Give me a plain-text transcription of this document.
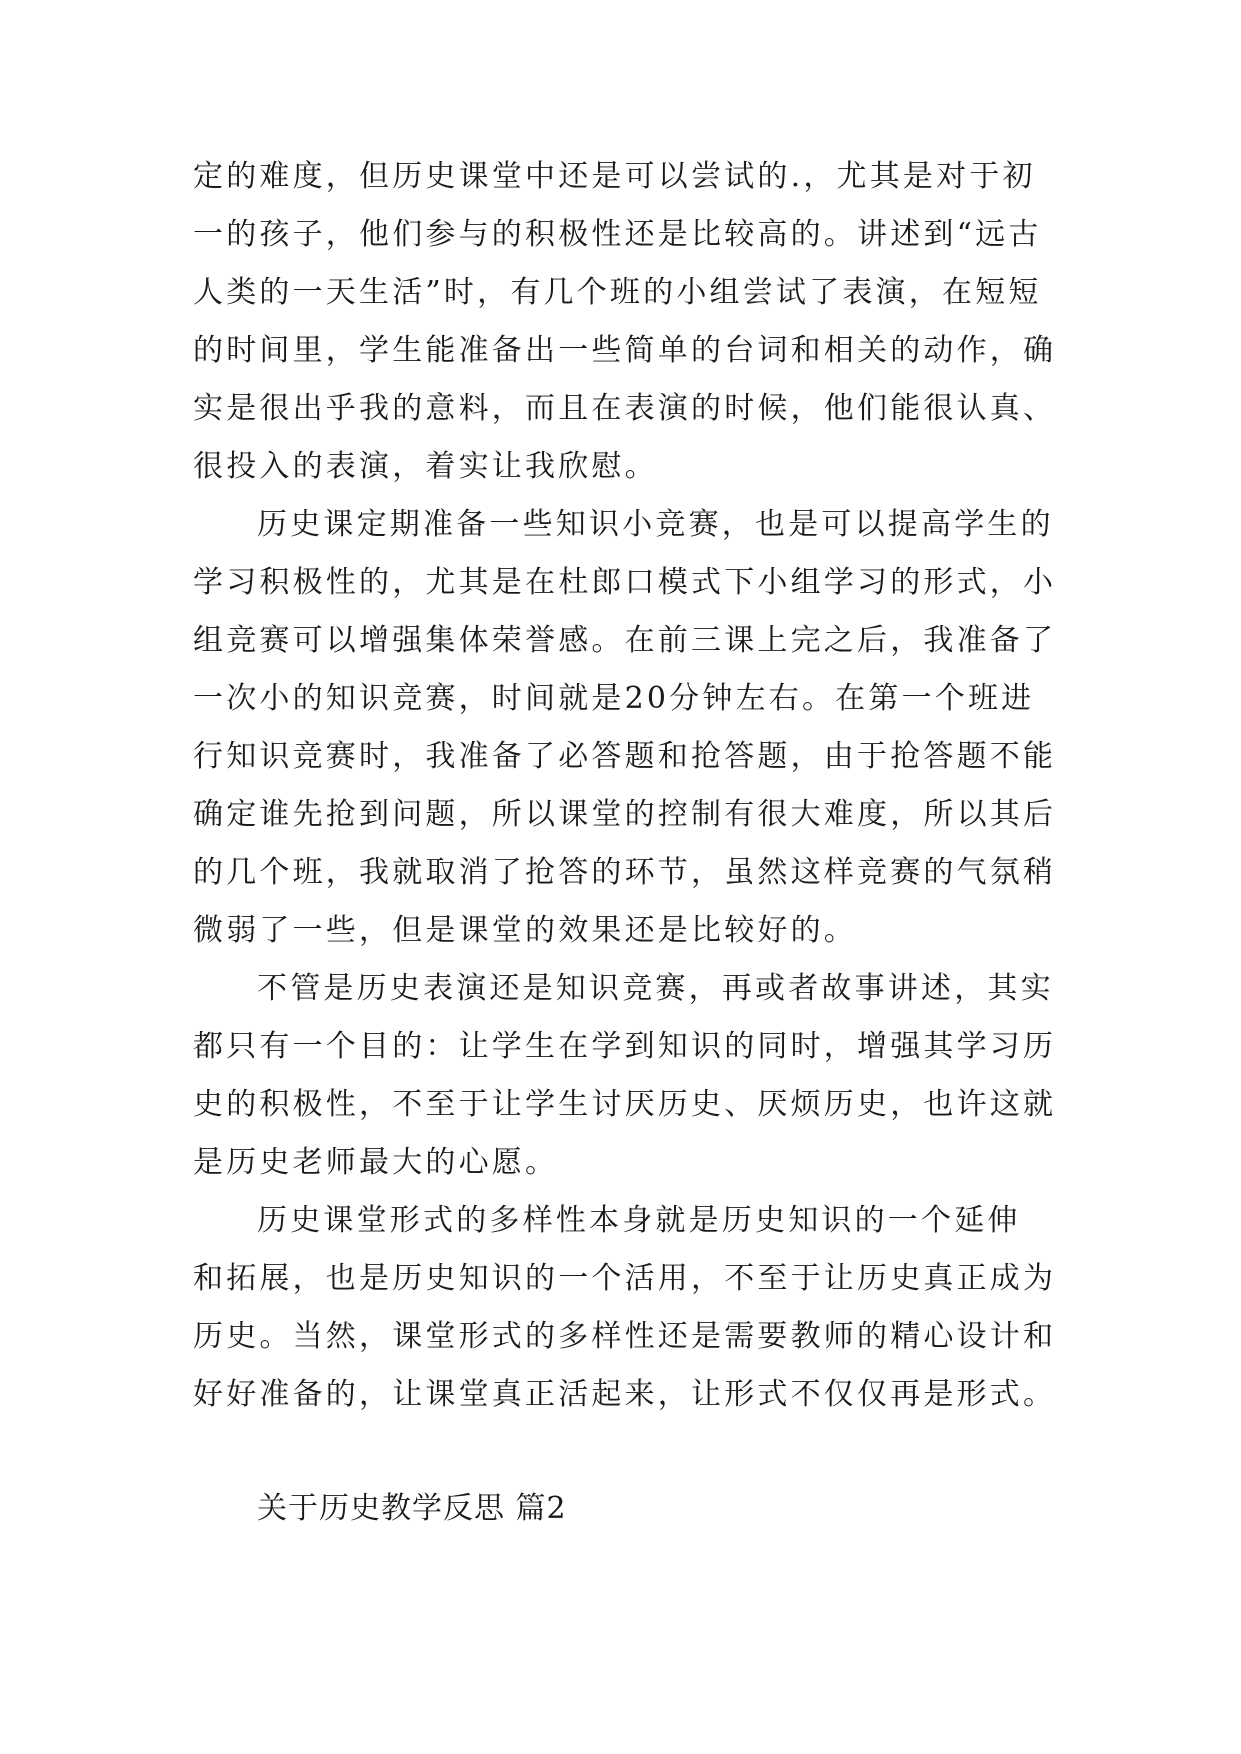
定的难度，但历史课堂中还是可以尝试的.，尤其是对于初
一的孩子，他们参与的积极性还是比较高的。讲述到“远古
人类的一天生活”时，有几个班的小组尝试了表演，在短短
的时间里，学生能准备出一些简单的台词和相关的动作，确
实是很出乎我的意料，而且在表演的时候，他们能很认真、
很投入的表演，着实让我欣慰。
历史课定期准备一些知识小竞赛，也是可以提高学生的
学习积极性的，尤其是在杜郎口模式下小组学习的形式，小
组竞赛可以增强集体荣誉感。在前三课上完之后，我准备了
一次小的知识竞赛，时间就是20分钟左右。在第一个班进
行知识竞赛时，我准备了必答题和抢答题，由于抢答题不能
确定谁先抢到问题，所以课堂的控制有很大难度，所以其后
的几个班，我就取消了抢答的环节，虽然这样竞赛的气氛稍
微弱了一些，但是课堂的效果还是比较好的。
不管是历史表演还是知识竞赛，再或者故事讲述，其实
都只有一个目的：让学生在学到知识的同时，增强其学习历
史的积极性，不至于让学生讨厌历史、厌烦历史，也许这就
是历史老师最大的心愿。
历史课堂形式的多样性本身就是历史知识的一个延伸
和拓展，也是历史知识的一个活用，不至于让历史真正成为
历史。当然，课堂形式的多样性还是需要教师的精心设计和
好好准备的，让课堂真正活起来，让形式不仅仅再是形式。
关于历史教学反思 篇2
